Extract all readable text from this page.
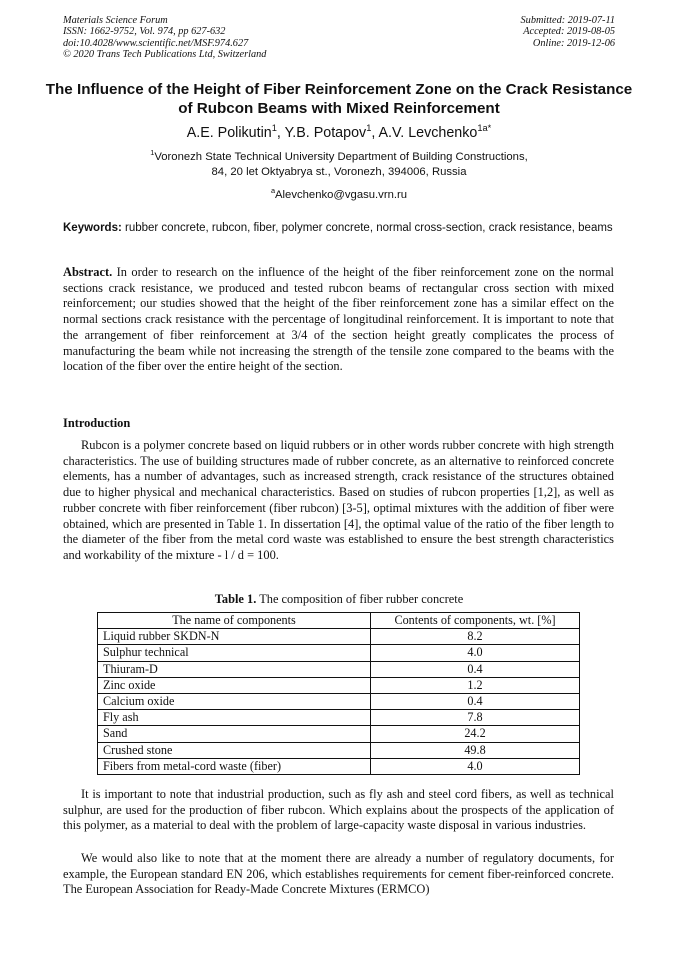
Materials Science Forum
ISSN: 1662-9752, Vol. 974, pp 627-632
doi:10.4028/www.scientific.net/MSF.974.627
© 2020 Trans Tech Publications Ltd, Switzerland
Submitted: 2019-07-11
Accepted: 2019-08-05
Online: 2019-12-06
The Influence of the Height of Fiber Reinforcement Zone on the Crack Resistance of Rubcon Beams with Mixed Reinforcement
A.E. Polikutin$^1$, Y.B. Potapov$^1$, A.V. Levchenko$^{1a*}$
$^1$Voronezh State Technical University Department of Building Constructions,
84, 20 let Oktyabrya st., Voronezh, 394006, Russia
$^a$Alevchenko@vgasu.vrn.ru
Keywords: rubber concrete, rubcon, fiber, polymer concrete, normal cross-section, crack resistance, beams

Abstract. In order to research on the influence of the height of the fiber reinforcement zone on the normal sections crack resistance, we produced and tested rubcon beams of rectangular cross section with mixed reinforcement; our studies showed that the height of the fiber reinforcement zone has a similar effect on the normal sections crack resistance with the percentage of longitudinal reinforcement. It is important to note that the arrangement of fiber reinforcement at 3/4 of the section height greatly complicates the process of manufacturing the beam while not increasing the strength of the tensile zone compared to the beams with the location of the fiber over the entire height of the section.

Introduction

Rubcon is a polymer concrete based on liquid rubbers or in other words rubber concrete with high strength characteristics. The use of building structures made of rubber concrete, as an alternative to reinforced concrete elements, has a number of advantages, such as increased strength, crack resistance of the structures obtained due to higher physical and mechanical characteristics. Based on studies of rubcon properties [1,2], as well as rubber concrete with fiber reinforcement (fiber rubcon) [3-5], optimal mixtures with the addition of fiber were obtained, which are presented in Table 1. In dissertation [4], the optimal value of the ratio of the fiber length to the diameter of the fiber from the metal cord waste was established to ensure the best strength characteristics and workability of the mixture - l / d = 100.

Table 1. The composition of fiber rubber concrete
The name of components	Contents of components, wt. [%]
Liquid rubber SKDN-N	8.2
Sulphur technical	4.0
Thiuram-D	0.4
Zinc oxide	1.2
Calcium oxide	0.4
Fly ash	7.8
Sand	24.2
Crushed stone	49.8
Fibers from metal-cord waste (fiber)	4.0

It is important to note that industrial production, such as fly ash and steel cord fibers, as well as technical sulphur, are used for the production of fiber rubcon. Which explains about the prospects of the application of this polymer, as a material to deal with the problem of large-capacity waste disposal in various industries.

We would also like to note that at the moment there are already a number of regulatory documents, for example, the European standard EN 206, which establishes requirements for cement fiber-reinforced concrete. The European Association for Ready-Made Concrete Mixtures (ERMCO)
